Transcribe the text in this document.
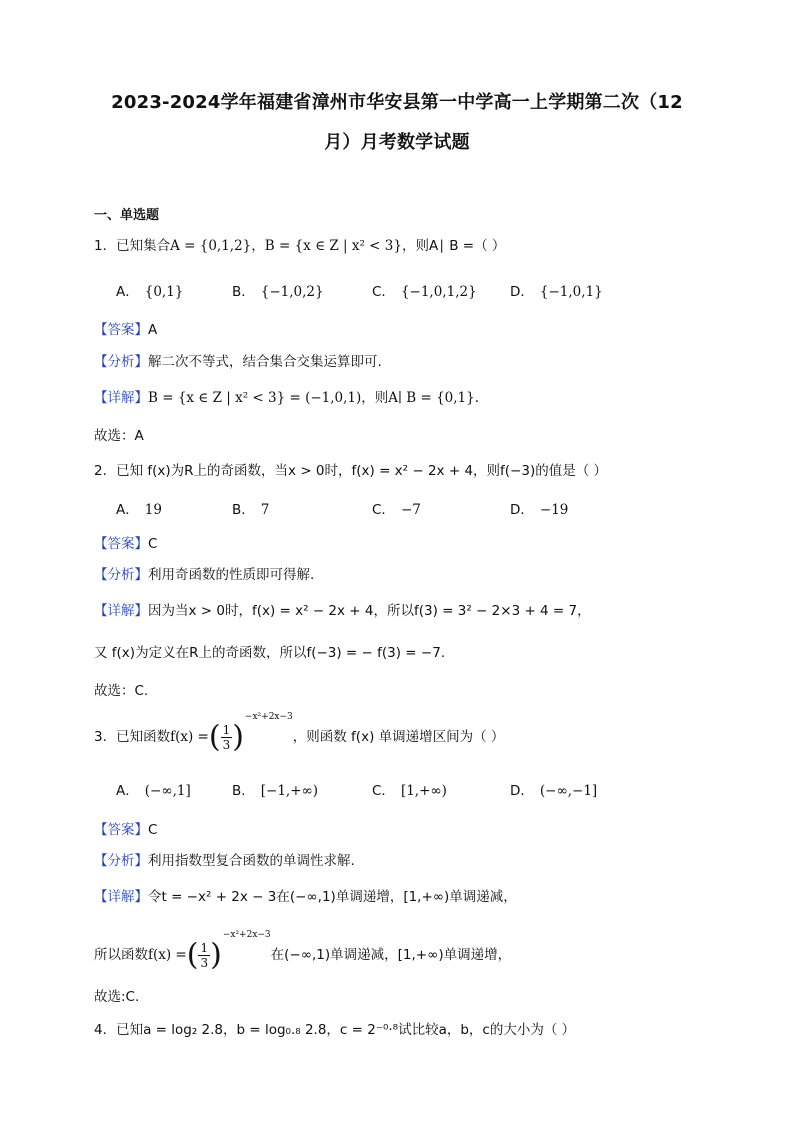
2023-2024学年福建省漳州市华安县第一中学高一上学期第二次（12
月）月考数学试题
一、单选题
1．已知集合A = {0,1,2}，B = {x ∈ Z | x² < 3}，则A∣ B =（ ）
A． {0,1}	B． {−1,0,2}	C． {−1,0,1,2} D． {−1,0,1}
【答案】A
【分析】解二次不等式，结合集合交集运算即可.
【详解】B = {x ∈ Z | x² < 3} = (−1,0,1)，则A∣ B = {0,1}.
故选：A
2．已知 f(x)为R上的奇函数，当x > 0时，f(x) = x² − 2x + 4，则f(−3)的值是（ ）
A． 19	B． 7	C． −7	D． −19
【答案】C
【分析】利用奇函数的性质即可得解.
【详解】因为当x > 0时，f(x) = x² − 2x + 4，所以f(3) = 3² − 2×3 + 4 = 7，
又 f(x)为定义在R上的奇函数，所以f(−3) = − f(3) = −7.
故选：C.
3．已知函数f(x) =( $\frac{1}{3} )^{-x^2+2x-3}$，则函数 f(x) 单调递增区间为（ ）
A． (−∞,1]	B． [−1,+∞)	C． [1,+∞)	D． (−∞,−1]
【答案】C
【分析】利用指数型复合函数的单调性求解.
【详解】令t = −x² + 2x − 3在(−∞,1)单调递增，[1,+∞)单调递减，
所以函数f(x) =( $\frac{1}{3} )^{-x^2+2x-3}$在(−∞,1)单调递减，[1,+∞)单调递增，
故选:C.
4．已知a = log₂ 2.8，b = log₀.₈ 2.8，c = 2⁻⁰·⁸试比较a，b，c的大小为（ ）
